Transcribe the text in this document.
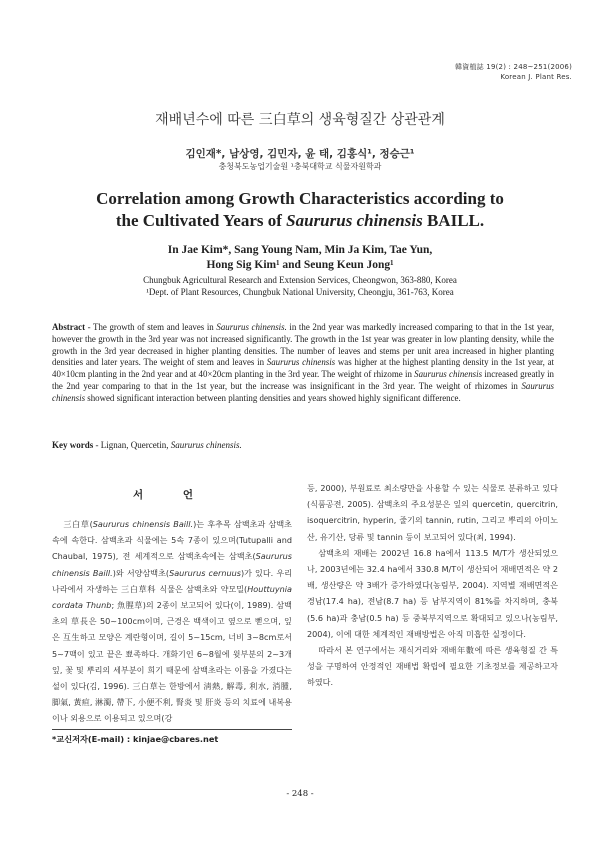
韓資植誌 19(2) : 248~251(2006)
Korean J. Plant Res.
재배년수에 따른 三白草의 생육형질간 상관관계
김인재*, 남상영, 김민자, 윤 태, 김홍식¹, 정승근¹
충청북도농업기술원 ¹충북대학교 식물자원학과
Correlation among Growth Characteristics according to
the Cultivated Years of Saururus chinensis BAILL.
In Jae Kim*, Sang Young Nam, Min Ja Kim, Tae Yun,
Hong Sig Kim¹ and Seung Keun Jong¹
Chungbuk Agricultural Research and Extension Services, Cheongwon, 363-880, Korea
¹Dept. of Plant Resources, Chungbuk National University, Cheongju, 361-763, Korea
Abstract - The growth of stem and leaves in Saururus chinensis. in the 2nd year was markedly increased comparing to that in the 1st year, however the growth in the 3rd year was not increased significantly. The growth in the 1st year was greater in low planting density, while the growth in the 3rd year decreased in higher planting densities. The number of leaves and stems per unit area increased in higher planting densities and later years. The weight of stem and leaves in Saururus chinensis was higher at the highest planting density in the 1st year, at 40×10cm planting in the 2nd year and at 40×20cm planting in the 3rd year. The weight of rhizome in Saururus chinensis increased greatly in the 2nd year comparing to that in the 1st year, but the increase was insignificant in the 3rd year. The weight of rhizomes in Saururus chinensis showed significant interaction between planting densities and years showed highly significant difference.
Key words - Lignan, Quercetin, Saururus chinensis.
서 언

三白草(Saururus chinensis Baill.)는 후추목 삼백초과 삼백초속에 속한다. 삼백초과 식물에는 5속 7종이 있으며(Tutupalli and Chaubal, 1975), 전 세계적으로 삼백초속에는 삼백초(Saururus chinensis Baill.)와 서양삼백초(Saururus cernuus)가 있다. 우리나라에서 자생하는 三白草科 식물은 삼백초와 약모밀(Houttuynia cordata Thunb; 魚腥草)의 2종이 보고되어 있다(이, 1989). 삼백초의 草長은 50~100cm이며, 근경은 백색이고 옆으로 뻗으며, 잎은 互生하고 모양은 계란형이며, 길이 5~15cm, 너비 3~8cm로서 5~7맥이 있고 끝은 뾰족하다. 개화기인 6~8월에 윗부분의 2~3개 잎, 꽃 및 뿌리의 세부분이 희기 때문에 삼백초라는 이름을 가졌다는 설이 있다(김, 1996). 三白草는 한방에서 淸熱, 解毒, 利水, 消腫, 脚氣, 黃疸, 淋濁, 帶下, 小便不利, 腎炎 및 肝炎 등의 치료에 내복용이나 외용으로 이용되고 있으며(강

등, 2000), 부원료로 최소량만을 사용할 수 있는 식물로 분류하고 있다(식품공전, 2005). 삼백초의 주요성분은 잎의 quercetin, quercitrin, isoquercitrin, hyperin, 줄기의 tannin, rutin, 그리고 뿌리의 아미노산, 유기산, 당류 및 tannin 등이 보고되어 있다(최, 1994).

삼백초의 재배는 2002년 16.8 ha에서 113.5 M/T가 생산되었으나, 2003년에는 32.4 ha에서 330.8 M/T이 생산되어 재배면적은 약 2배, 생산량은 약 3배가 증가하였다(농림부, 2004). 지역별 재배면적은 경남(17.4 ha), 전남(8.7 ha) 등 남부지역이 81%를 차지하며, 충북(5.6 ha)과 충남(0.5 ha) 등 중북부지역으로 확대되고 있으나(농림부, 2004), 이에 대한 체계적인 재배방법은 아직 미흡한 실정이다.

따라서 본 연구에서는 재식거리와 재배年數에 따른 생육형질 간 특성을 구명하여 안정적인 재배법 확립에 필요한 기초정보를 제공하고자 하였다.

*교신저자(E-mail) : kinjae@cbares.net
- 248 -
